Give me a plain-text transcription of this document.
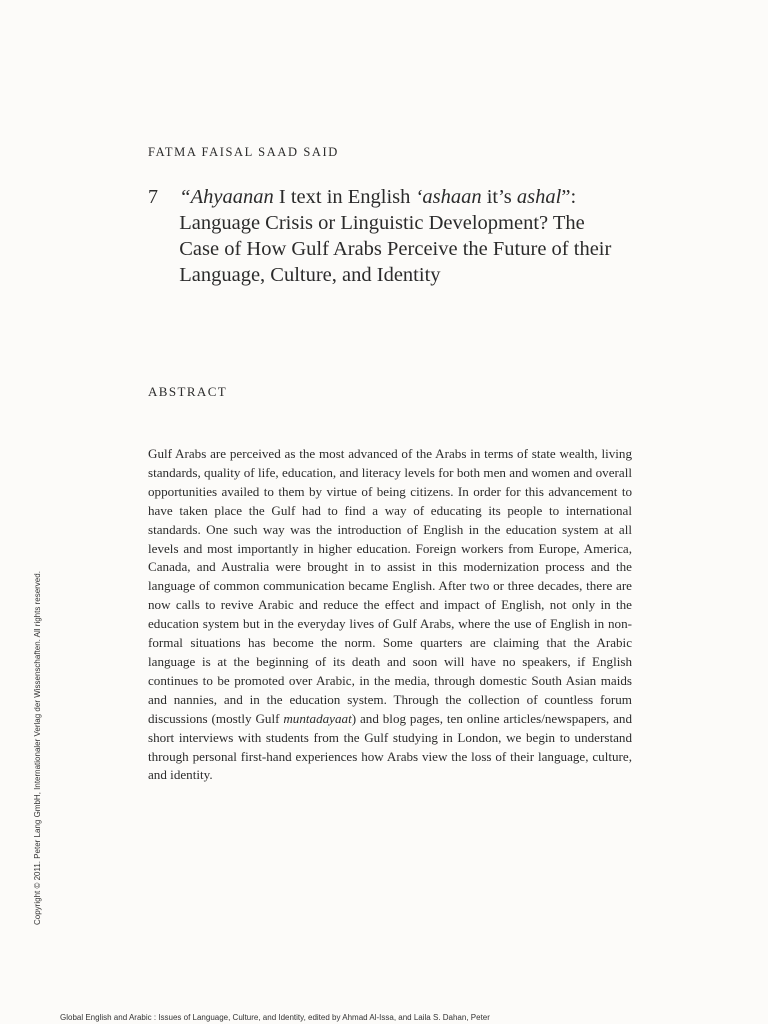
FATMA FAISAL SAAD SAID
7	“Ahyaanan I text in English ‘ashaan it’s ashal”: Language Crisis or Linguistic Development? The Case of How Gulf Arabs Perceive the Future of their Language, Culture, and Identity
ABSTRACT
Gulf Arabs are perceived as the most advanced of the Arabs in terms of state wealth, living standards, quality of life, education, and literacy levels for both men and women and overall opportunities availed to them by virtue of being citizens. In order for this advancement to have taken place the Gulf had to find a way of educating its people to international standards. One such way was the introduction of English in the education system at all levels and most importantly in higher education. Foreign workers from Europe, America, Canada, and Australia were brought in to assist in this modernization process and the language of common communication became English. After two or three decades, there are now calls to revive Arabic and reduce the effect and impact of English, not only in the education system but in the everyday lives of Gulf Arabs, where the use of English in non-formal situations has become the norm. Some quarters are claiming that the Arabic language is at the beginning of its death and soon will have no speakers, if English continues to be promoted over Arabic, in the media, through domestic South Asian maids and nannies, and in the education system. Through the collection of countless forum discussions (mostly Gulf muntadayaat) and blog pages, ten online articles/newspapers, and short interviews with students from the Gulf studying in London, we begin to understand through personal first-hand experiences how Arabs view the loss of their language, culture, and identity.
Copyright © 2011. Peter Lang GmbH, Internationaler Verlag der Wissenschaften. All rights reserved.
Global English and Arabic : Issues of Language, Culture, and Identity, edited by Ahmad Al-Issa, and Laila S. Dahan, Peter
